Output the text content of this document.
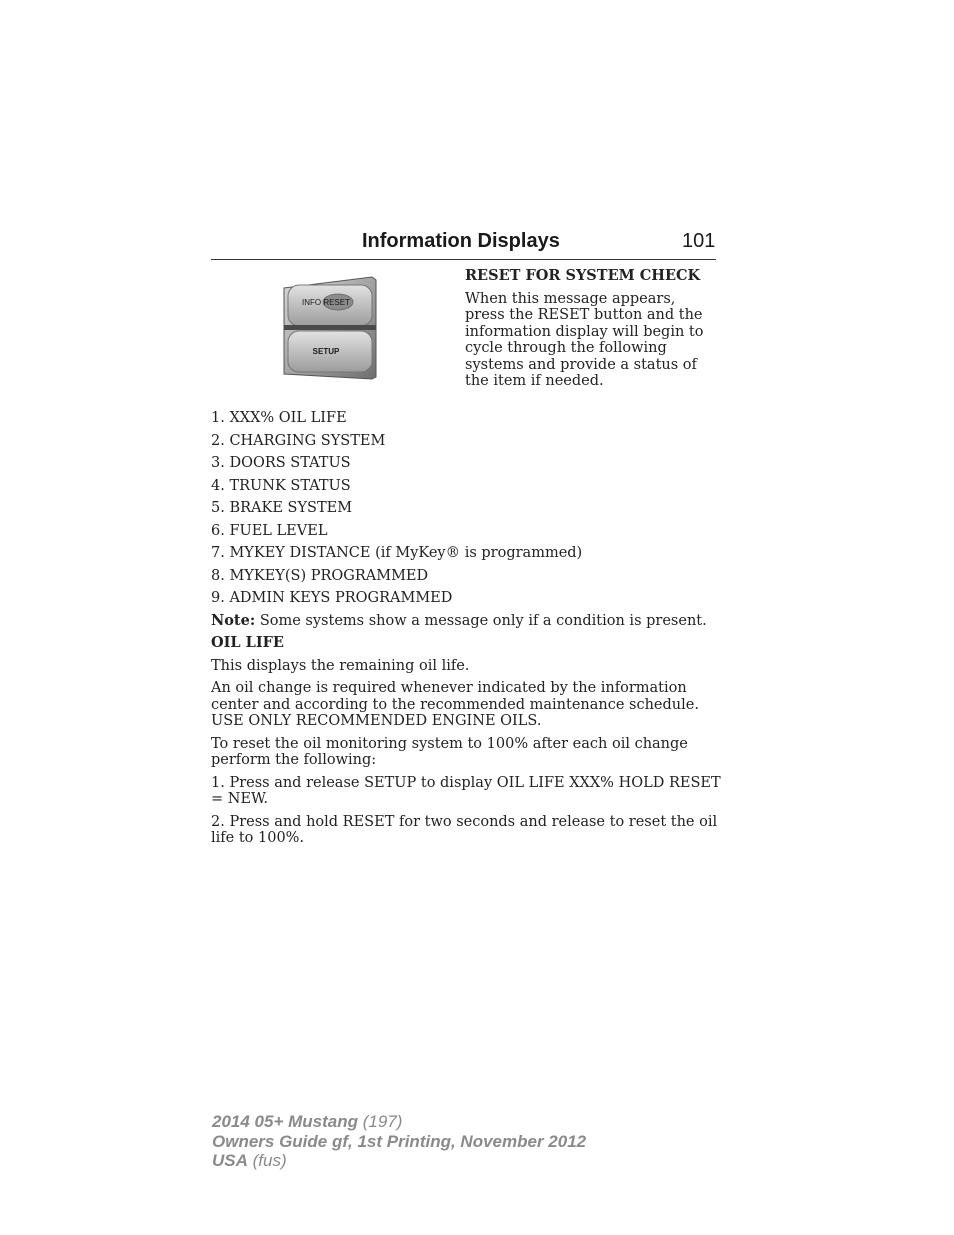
Information Displays	101
INFO RESET
SETUP
RESET FOR SYSTEM CHECK
When this message appears, press the RESET button and the information display will begin to cycle through the following systems and provide a status of the item if needed.
1. XXX% OIL LIFE
2. CHARGING SYSTEM
3. DOORS STATUS
4. TRUNK STATUS
5. BRAKE SYSTEM
6. FUEL LEVEL
7. MYKEY DISTANCE (if MyKey® is programmed)
8. MYKEY(S) PROGRAMMED
9. ADMIN KEYS PROGRAMMED
Note: Some systems show a message only if a condition is present.
OIL LIFE
This displays the remaining oil life.
An oil change is required whenever indicated by the information center and according to the recommended maintenance schedule. USE ONLY RECOMMENDED ENGINE OILS.
To reset the oil monitoring system to 100% after each oil change perform the following:
1. Press and release SETUP to display OIL LIFE XXX% HOLD RESET = NEW.
2. Press and hold RESET for two seconds and release to reset the oil life to 100%.
2014 05+ Mustang (197)
Owners Guide gf, 1st Printing, November 2012
USA (fus)
